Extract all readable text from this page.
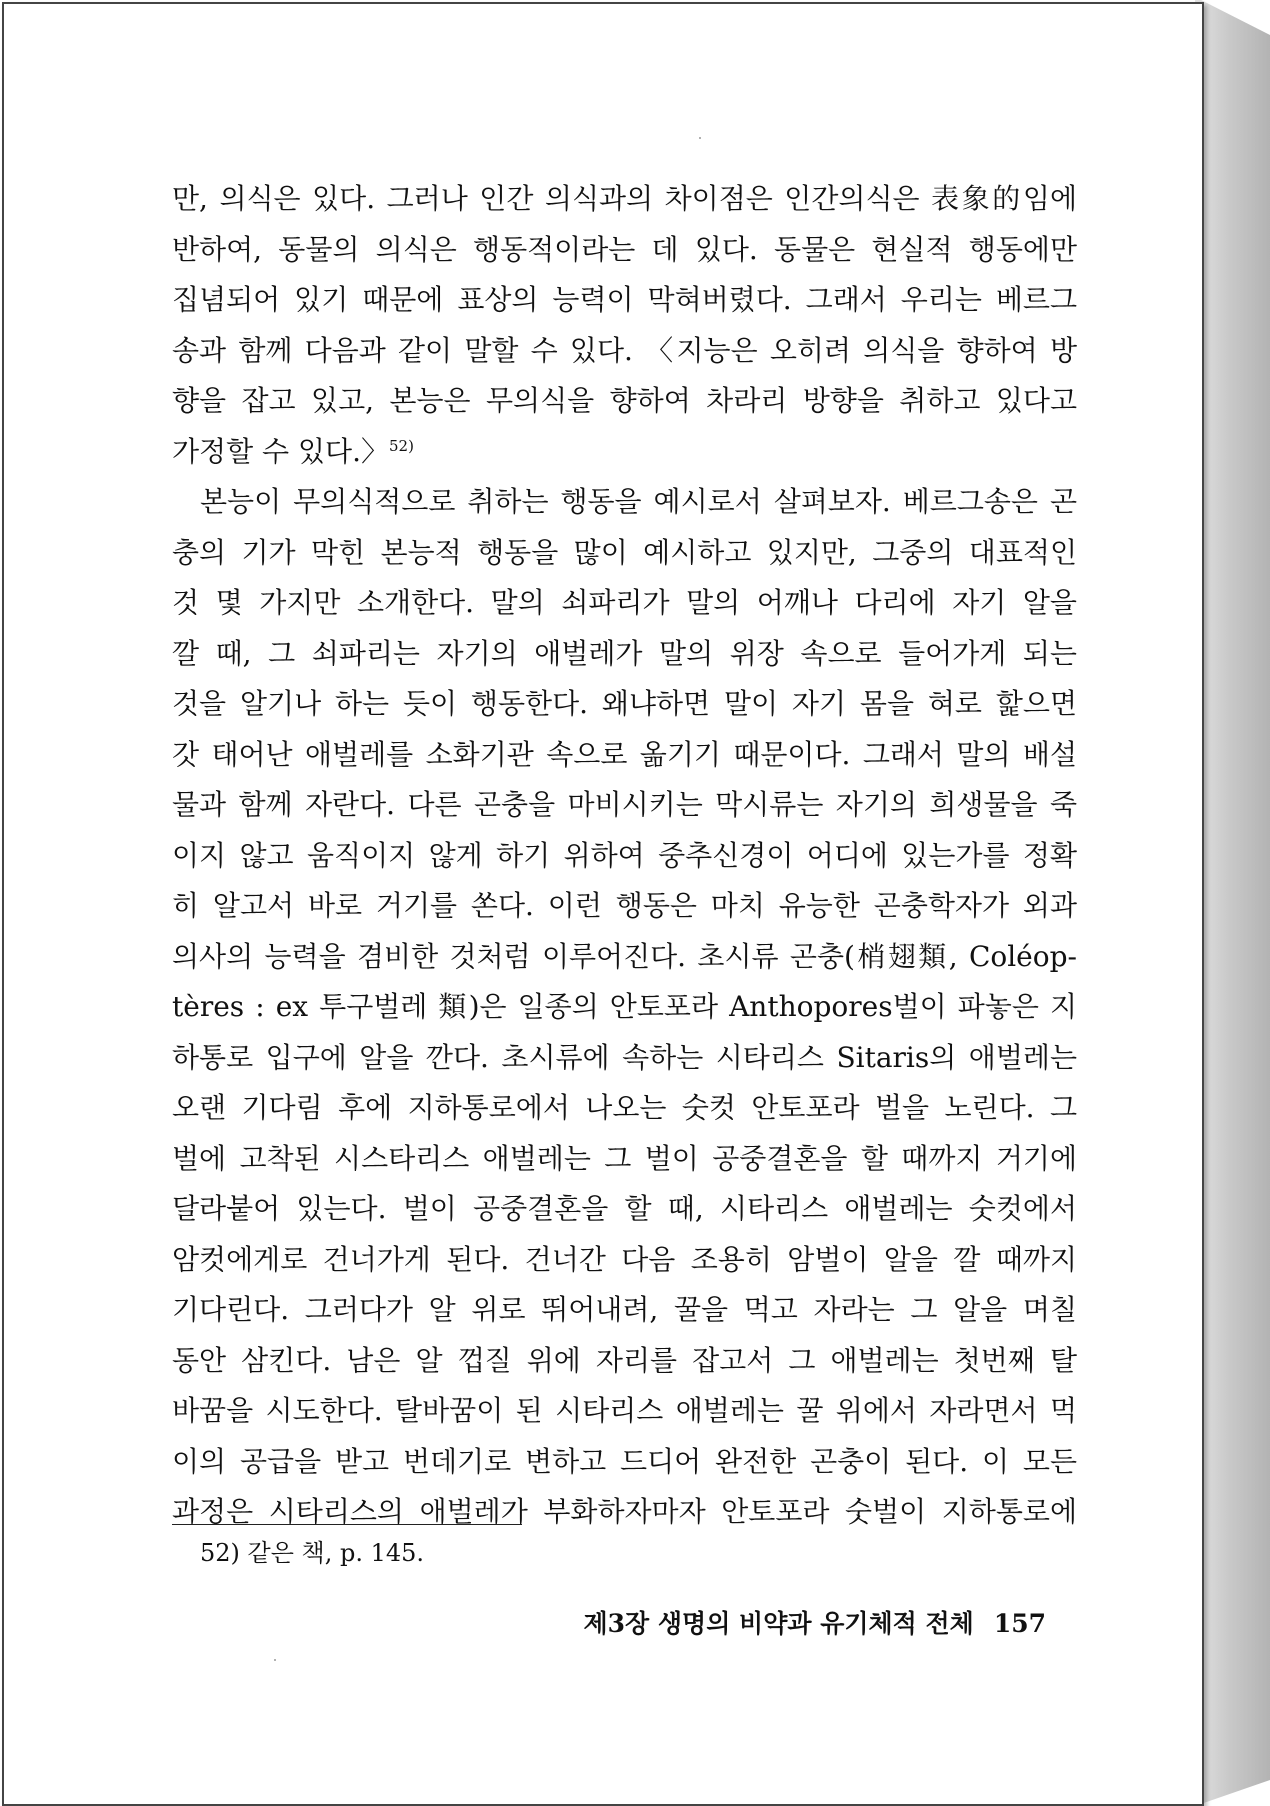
만, 의식은 있다. 그러나 인간 의식과의 차이점은 인간의식은 表象的임에
반하여, 동물의 의식은 행동적이라는 데 있다. 동물은 현실적 행동에만
집념되어 있기 때문에 표상의 능력이 막혀버렸다. 그래서 우리는 베르그
송과 함께 다음과 같이 말할 수 있다. 〈지능은 오히려 의식을 향하여 방
향을 잡고 있고, 본능은 무의식을 향하여 차라리 방향을 취하고 있다고
가정할 수 있다.〉$^{52)}$
본능이 무의식적으로 취하는 행동을 예시로서 살펴보자. 베르그송은 곤
충의 기가 막힌 본능적 행동을 많이 예시하고 있지만, 그중의 대표적인
것 몇 가지만 소개한다. 말의 쇠파리가 말의 어깨나 다리에 자기 알을
깔 때, 그 쇠파리는 자기의 애벌레가 말의 위장 속으로 들어가게 되는
것을 알기나 하는 듯이 행동한다. 왜냐하면 말이 자기 몸을 혀로 핥으면
갓 태어난 애벌레를 소화기관 속으로 옮기기 때문이다. 그래서 말의 배설
물과 함께 자란다. 다른 곤충을 마비시키는 막시류는 자기의 희생물을 죽
이지 않고 움직이지 않게 하기 위하여 중추신경이 어디에 있는가를 정확
히 알고서 바로 거기를 쏜다. 이런 행동은 마치 유능한 곤충학자가 외과
의사의 능력을 겸비한 것처럼 이루어진다. 초시류 곤충(梢翅類, Coléop-
tères : ex 투구벌레 類)은 일종의 안토포라 Anthopores벌이 파놓은 지
하통로 입구에 알을 깐다. 초시류에 속하는 시타리스 Sitaris의 애벌레는
오랜 기다림 후에 지하통로에서 나오는 숫컷 안토포라 벌을 노린다. 그
벌에 고착된 시스타리스 애벌레는 그 벌이 공중결혼을 할 때까지 거기에
달라붙어 있는다. 벌이 공중결혼을 할 때, 시타리스 애벌레는 숫컷에서
암컷에게로 건너가게 된다. 건너간 다음 조용히 암벌이 알을 깔 때까지
기다린다. 그러다가 알 위로 뛰어내려, 꿀을 먹고 자라는 그 알을 며칠
동안 삼킨다. 남은 알 껍질 위에 자리를 잡고서 그 애벌레는 첫번째 탈
바꿈을 시도한다. 탈바꿈이 된 시타리스 애벌레는 꿀 위에서 자라면서 먹
이의 공급을 받고 번데기로 변하고 드디어 완전한 곤충이 된다. 이 모든
과정은 시타리스의 애벌레가 부화하자마자 안토포라 숫벌이 지하통로에
52) 같은 책, p. 145.
제3장 생명의 비약과 유기체적 전체 157
